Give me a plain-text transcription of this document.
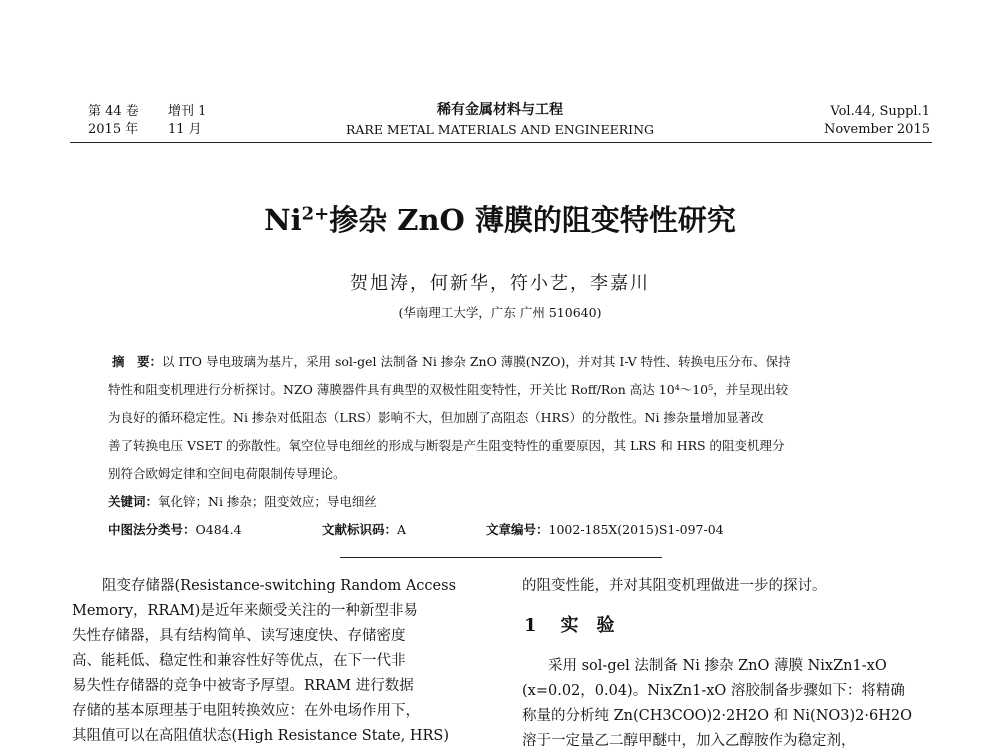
第 44 卷 增刊 1
2015 年 11 月
稀有金属材料与工程
RARE METAL MATERIALS AND ENGINEERING
Vol.44, Suppl.1
November 2015
$Ni^{2+}$掺杂 ZnO 薄膜的阻变特性研究
贺旭涛，何新华，符小艺，李嘉川
(华南理工大学，广东 广州 510640)
摘　要：以 ITO 导电玻璃为基片，采用 sol-gel 法制备 Ni 掺杂 ZnO 薄膜(NZO)，并对其 I-V 特性、转换电压分布、保持
特性和阻变机理进行分析探讨。NZO 薄膜器件具有典型的双极性阻变特性，开关比 Roff/Ron 高达 10⁴～10⁵，并呈现出较
为良好的循环稳定性。Ni 掺杂对低阻态（LRS）影响不大，但加剧了高阻态（HRS）的分散性。Ni 掺杂量增加显著改
善了转换电压 VSET 的弥散性。氧空位导电细丝的形成与断裂是产生阻变特性的重要原因，其 LRS 和 HRS 的阻变机理分
别符合欧姆定律和空间电荷限制传导理论。
关键词：氧化锌；Ni 掺杂；阻变效应；导电细丝
中图法分类号：O484.4	文献标识码：A	文章编号：1002-185X(2015)S1-097-04
阻变存储器(Resistance-switching Random Access
Memory，RRAM)是近年来颇受关注的一种新型非易
失性存储器，具有结构简单、读写速度快、存储密度
高、能耗低、稳定性和兼容性好等优点，在下一代非
易失性存储器的竞争中被寄予厚望。RRAM 进行数据
存储的基本原理基于电阻转换效应：在外电场作用下，
其阻值可以在高阻值状态(High Resistance State, HRS)
的阻变性能，并对其阻变机理做进一步的探讨。
1 实　验
采用 sol-gel 法制备 Ni 掺杂 ZnO 薄膜 NixZn1-xO
(x=0.02，0.04)。NixZn1-xO 溶胶制备步骤如下：将精确
称量的分析纯 Zn(CH3COO)2·2H2O 和 Ni(NO3)2·6H2O
溶于一定量乙二醇甲醚中，加入乙醇胺作为稳定剂，
